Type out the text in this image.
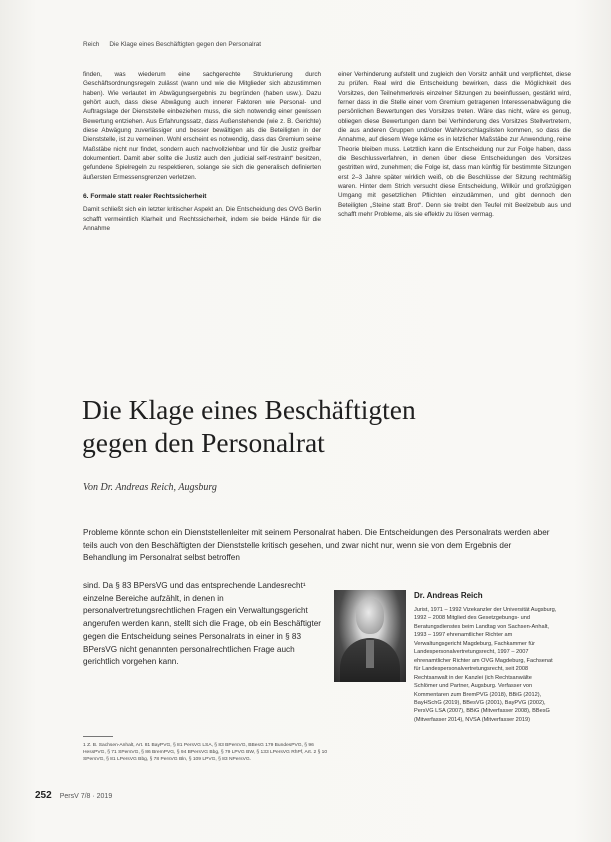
Reich Die Klage eines Beschäftigten gegen den Personalrat

finden, was wiederum eine sachgerechte Strukturierung durch Geschäftsordnungsregeln zulässt (wann und wie die Mitglieder sich abzustimmen haben). Wie verlautet im Abwägungsergebnis zu begründen (haben usw.). Dazu gehört auch, dass diese Abwägung auch innerer Faktoren wie Personal- und Auftragslage der Dienststelle einbeziehen muss, die sich notwendig einer gewissen Bewertung entziehen. Aus Erfahrungssatz, dass Außenstehende (wie z. B. Gerichte) diese Abwägung zuverlässiger und besser bewältigen als die Beteiligten in der Dienststelle, ist zu verneinen. Wohl erscheint es notwendig, dass das Gremium seine Maßstäbe nicht nur findet, sondern auch nachvollziehbar und für die Justiz greifbar dokumentiert. Damit aber sollte die Justiz auch den „judicial self-restraint“ besitzen, gefundene Spielregeln zu respektieren, solange sie sich die generalisch definierten äußersten Ermessensgrenzen verletzen.

6. Formale statt realer Rechtssicherheit

Damit schließt sich ein letzter kritischer Aspekt an. Die Entscheidung des OVG Berlin schafft vermeintlich Klarheit und Rechtssicherheit, indem sie beide Hände für die Annahme

einer Verhinderung aufstellt und zugleich den Vorsitz anhält und verpflichtet, diese zu prüfen. Real wird die Entscheidung bewirken, dass die Möglichkeit des Vorsitzes, den Teilnehmerkreis einzelner Sitzungen zu beeinflussen, gestärkt wird, ferner dass in die Stelle einer vom Gremium getragenen Interessenabwägung die persönlichen Bewertungen des Vorsitzes treten. Wäre das nicht, wäre es genug, obliegen diese Bewertungen dann bei Verhinderung des Vorsitzes Stellvertretern, die aus anderen Gruppen und/oder Wahlvorschlagslisten kommen, so dass die Annahme, auf diesem Wege käme es in letzlicher Maßstäbe zur Anwendung, reine Theorie bleiben muss. Letztlich kann die Entscheidung nur zur Folge haben, dass die Beschlussverfahren, in denen über diese Entscheidungen des Vorsitzes gestritten wird, zunehmen; die Folge ist, dass man künftig für bestimmte Sitzungen erst 2–3 Jahre später wirklich weiß, ob die Beschlüsse der Sitzung rechtmäßig waren. Hinter dem Strich versucht diese Entscheidung, Willkür und großzügigen Umgang mit gesetzlichen Pflichten einzudämmen, und gibt dennoch den Beteiligten „Steine statt Brot“. Denn sie treibt den Teufel mit Beelzebub aus und schafft mehr Probleme, als sie effektiv zu lösen vermag.

Die Klage eines Beschäftigten
gegen den Personalrat
Von Dr. Andreas Reich, Augsburg
Probleme könnte schon ein Dienststellenleiter mit seinem Personalrat haben. Die Entscheidungen des Personalrats werden aber teils auch von den Beschäftigten der Dienststelle kritisch gesehen, und zwar nicht nur, wenn sie von dem Ergebnis der Behandlung im Personalrat selbst betroffen
sind. Da § 83 BPersVG und das entsprechende Landesrecht¹ einzelne Bereiche aufzählt, in denen in personalvertretungsrechtlichen Fragen ein Verwaltungsgericht angerufen werden kann, stellt sich die Frage, ob ein Beschäftigter gegen die Entscheidung seines Personalrats in einer in § 83 BPersVG nicht genannten personalrechtlichen Frage auch gerichtlich vorgehen kann.
Dr. Andreas Reich
Jurist, 1971 – 1992 Vizekanzler der Universität Augsburg, 1992 – 2008 Mitglied des Gesetzgebungs- und Beratungsdienstes beim Landtag von Sachsen-Anhalt, 1993 – 1997 ehrenamtlicher Richter am Verwaltungsgericht Magdeburg, Fachkammer für Landespersonalvertretungsrecht, 1997 – 2007 ehrenamtlicher Richter am OVG Magdeburg, Fachsenat für Landespersonalvertretungsrecht, seit 2008 Rechtsanwalt in der Kanzlei (ich Rechtsanwälte Schlömer und Partner, Augsburg. Verfasser von Kommentaren zum BremPVG (2018), BBiG (2012), BayHSchG (2019), BBesVG (2001), BayPVG (2002), PersVG LSA (2007), BBiG (Mitverfasser 2008), BBesG (Mitverfasser 2014), NVSA (Mitverfasser 2019)
1 Z. B. Sachsen-Anhalt, Art. 81 BayPVG, § 81 PersVG LSA, § 83 BPersVG, BBesG 179 BundesPVG, § 96 HessPVG, § 71 SPersVG, § 86 BremPVG, § 94 BPersVG Bbg, § 79 LPVG BW, § 133 LPersVG RhPf, Art. 2 § 10 SPersVG, § 81 LPersVG Bbg, § 78 PersVG Bln, § 109 LPVG, § 83 NPersVG.
252 PersV 7/8 · 2019
